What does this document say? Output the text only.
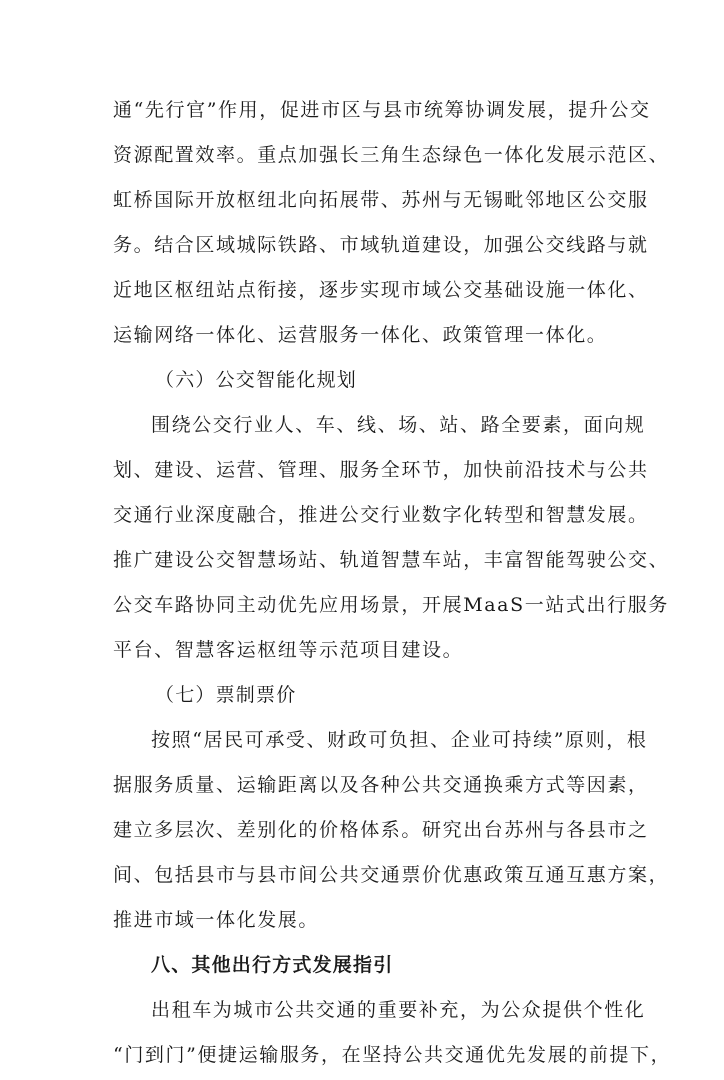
通“先行官”作用，促进市区与县市统筹协调发展，提升公交
资源配置效率。重点加强长三角生态绿色一体化发展示范区、
虹桥国际开放枢纽北向拓展带、苏州与无锡毗邻地区公交服
务。结合区域城际铁路、市域轨道建设，加强公交线路与就
近地区枢纽站点衔接，逐步实现市域公交基础设施一体化、
运输网络一体化、运营服务一体化、政策管理一体化。
（六）公交智能化规划
围绕公交行业人、车、线、场、站、路全要素，面向规
划、建设、运营、管理、服务全环节，加快前沿技术与公共
交通行业深度融合，推进公交行业数字化转型和智慧发展。
推广建设公交智慧场站、轨道智慧车站，丰富智能驾驶公交、
公交车路协同主动优先应用场景，开展MaaS一站式出行服务
平台、智慧客运枢纽等示范项目建设。
（七）票制票价
按照“居民可承受、财政可负担、企业可持续”原则，根
据服务质量、运输距离以及各种公共交通换乘方式等因素，
建立多层次、差别化的价格体系。研究出台苏州与各县市之
间、包括县市与县市间公共交通票价优惠政策互通互惠方案，
推进市域一体化发展。
八、其他出行方式发展指引
出租车为城市公共交通的重要补充，为公众提供个性化
“门到门”便捷运输服务，在坚持公共交通优先发展的前提下，
